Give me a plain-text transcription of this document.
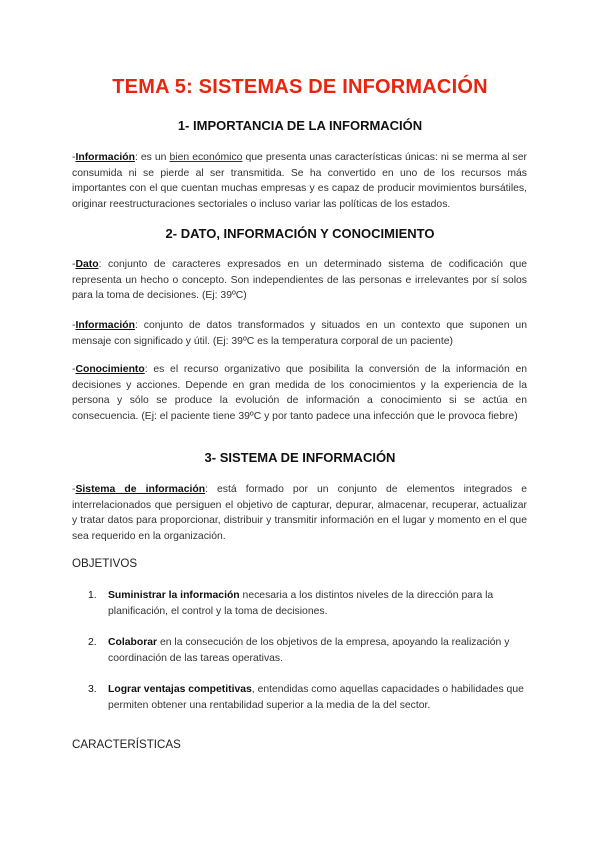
TEMA 5: SISTEMAS DE INFORMACIÓN
1- IMPORTANCIA DE LA INFORMACIÓN

-Información: es un bien económico que presenta unas características únicas: ni se merma al ser consumida ni se pierde al ser transmitida. Se ha convertido en uno de los recursos más importantes con el que cuentan muchas empresas y es capaz de producir movimientos bursátiles, originar reestructuraciones sectoriales o incluso variar las políticas de los estados.

2- DATO, INFORMACIÓN Y CONOCIMIENTO

-Dato: conjunto de caracteres expresados en un determinado sistema de codificación que representa un hecho o concepto. Son independientes de las personas e irrelevantes por sí solos para la toma de decisiones. (Ej: 39ºC)

-Información: conjunto de datos transformados y situados en un contexto que suponen un mensaje con significado y útil. (Ej: 39ºC es la temperatura corporal de un paciente)

-Conocimiento: es el recurso organizativo que posibilita la conversión de la información en decisiones y acciones. Depende en gran medida de los conocimientos y la experiencia de la persona y sólo se produce la evolución de información a conocimiento si se actúa en consecuencia. (Ej: el paciente tiene 39ºC y por tanto padece una infección que le provoca fiebre)

3- SISTEMA DE INFORMACIÓN

-Sistema de información: está formado por un conjunto de elementos integrados e interrelacionados que persiguen el objetivo de capturar, depurar, almacenar, recuperar, actualizar y tratar datos para proporcionar, distribuir y transmitir información en el lugar y momento en el que sea requerido en la organización.

OBJETIVOS

1. Suministrar la información necesaria a los distintos niveles de la dirección para la planificación, el control y la toma de decisiones.
2. Colaborar en la consecución de los objetivos de la empresa, apoyando la realización y coordinación de las tareas operativas.
3. Lograr ventajas competitivas, entendidas como aquellas capacidades o habilidades que permiten obtener una rentabilidad superior a la media de la del sector.

CARACTERÍSTICAS
